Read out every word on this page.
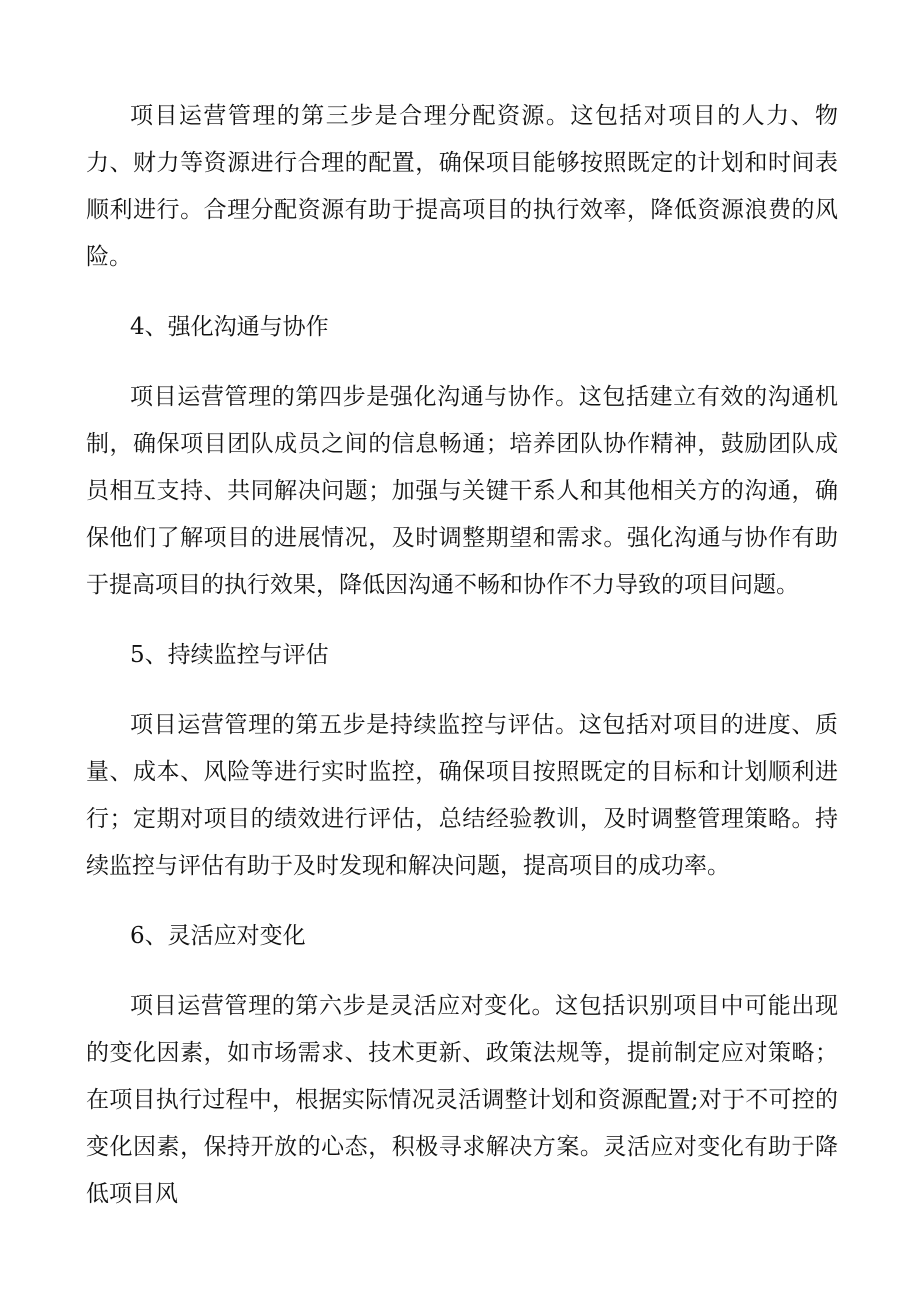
项目运营管理的第三步是合理分配资源。这包括对项目的人力、物力、财力等资源进行合理的配置，确保项目能够按照既定的计划和时间表顺利进行。合理分配资源有助于提高项目的执行效率，降低资源浪费的风险。

4、强化沟通与协作

项目运营管理的第四步是强化沟通与协作。这包括建立有效的沟通机制，确保项目团队成员之间的信息畅通；培养团队协作精神，鼓励团队成员相互支持、共同解决问题；加强与关键干系人和其他相关方的沟通，确保他们了解项目的进展情况，及时调整期望和需求。强化沟通与协作有助于提高项目的执行效果，降低因沟通不畅和协作不力导致的项目问题。

5、持续监控与评估

项目运营管理的第五步是持续监控与评估。这包括对项目的进度、质量、成本、风险等进行实时监控，确保项目按照既定的目标和计划顺利进行；定期对项目的绩效进行评估，总结经验教训，及时调整管理策略。持续监控与评估有助于及时发现和解决问题，提高项目的成功率。

6、灵活应对变化

项目运营管理的第六步是灵活应对变化。这包括识别项目中可能出现的变化因素，如市场需求、技术更新、政策法规等，提前制定应对策略；在项目执行过程中，根据实际情况灵活调整计划和资源配置;对于不可控的变化因素，保持开放的心态，积极寻求解决方案。灵活应对变化有助于降低项目风
